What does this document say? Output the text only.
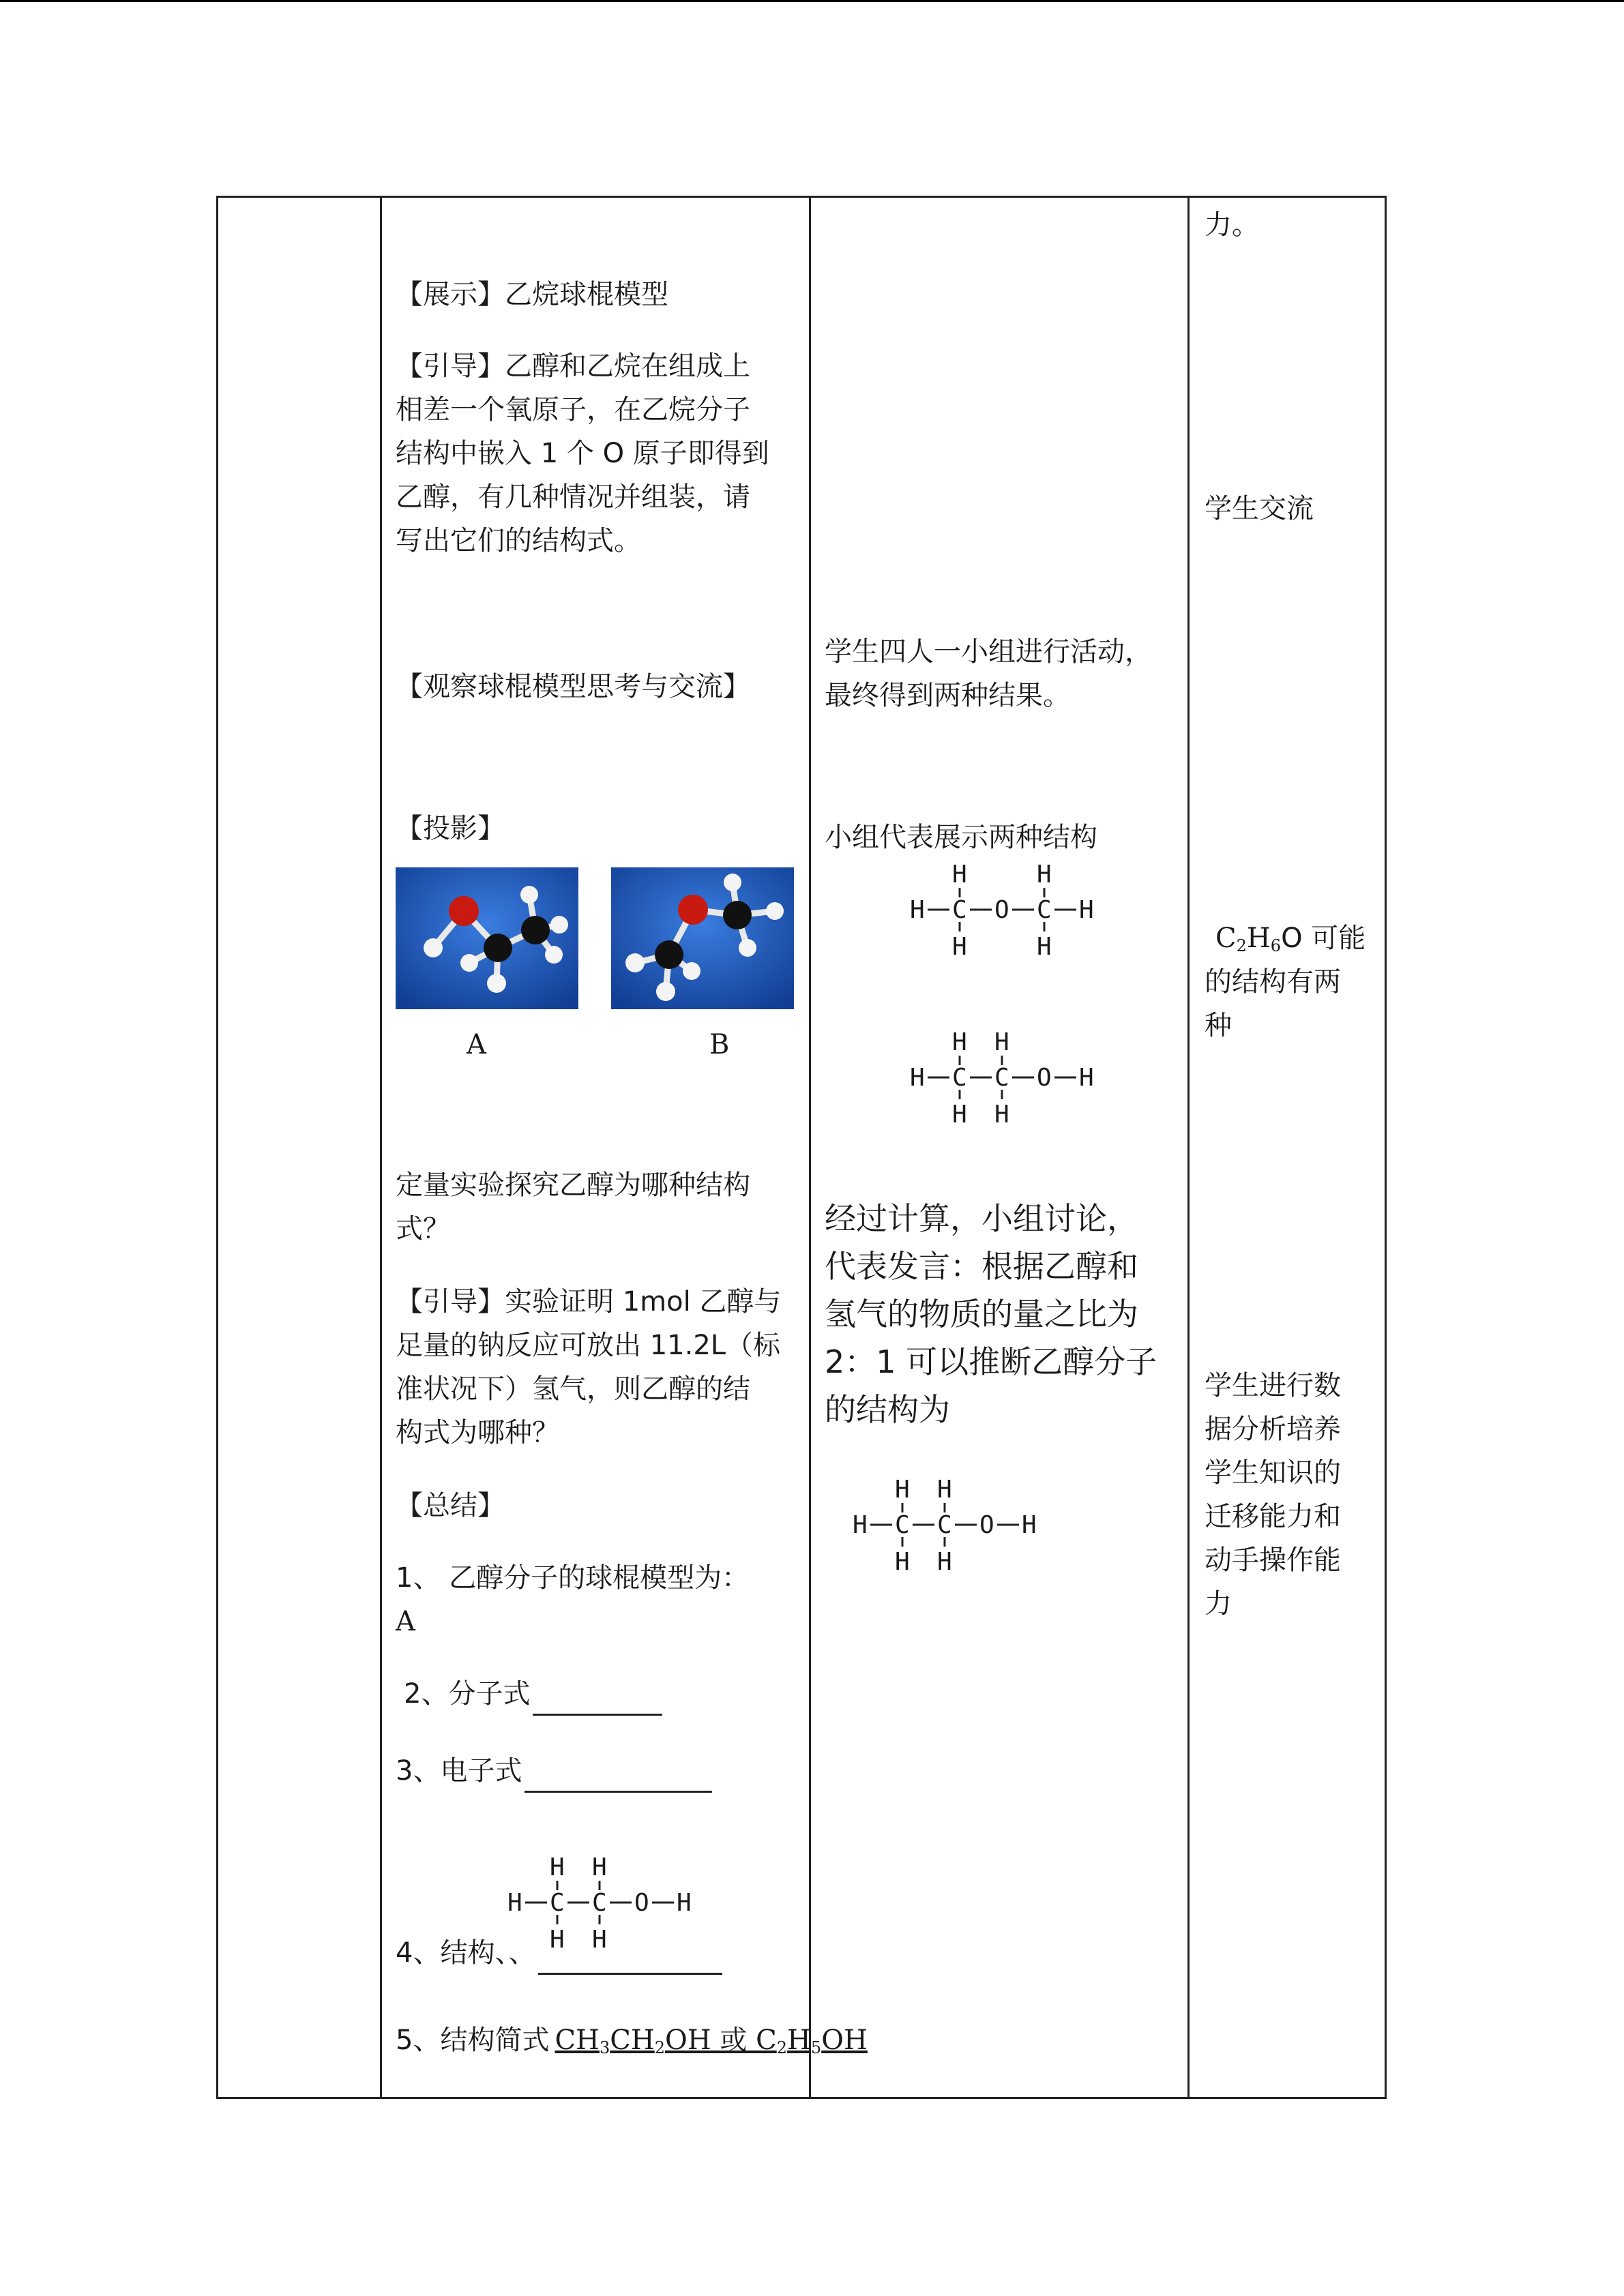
【展示】乙烷球棍模型
【引导】乙醇和乙烷在组成上
相差一个氧原子，在乙烷分子
结构中嵌入 1 个 O 原子即得到
乙醇，有几种情况并组装，请
写出它们的结构式。
【观察球棍模型思考与交流】
【投影】
A	B
定量实验探究乙醇为哪种结构
式？
【引导】实验证明 1mol 乙醇与
足量的钠反应可放出 11.2L（标
准状况下）氢气，则乙醇的结
构式为哪种？
【总结】
1、 乙醇分子的球棍模型为：
A
2、分子式
3、电子式
H H
H C C O H
H H
4、结构、、
5、结构简式 $CH_3CH_2OH$ 或 $C_2H_5OH$
学生四人一小组进行活动，
最终得到两种结果。
小组代表展示两种结构
H	H
H C O C H
H	H
H H
H C C O H
H H
经过计算，小组讨论，
代表发言：根据乙醇和
氢气的物质的量之比为
2：1 可以推断乙醇分子
的结构为
H H
H C C O H
H H
力。
学生交流
$C_2H_6O$ 可能
的结构有两
种
学生进行数
据分析培养
学生知识的
迁移能力和
动手操作能
力
